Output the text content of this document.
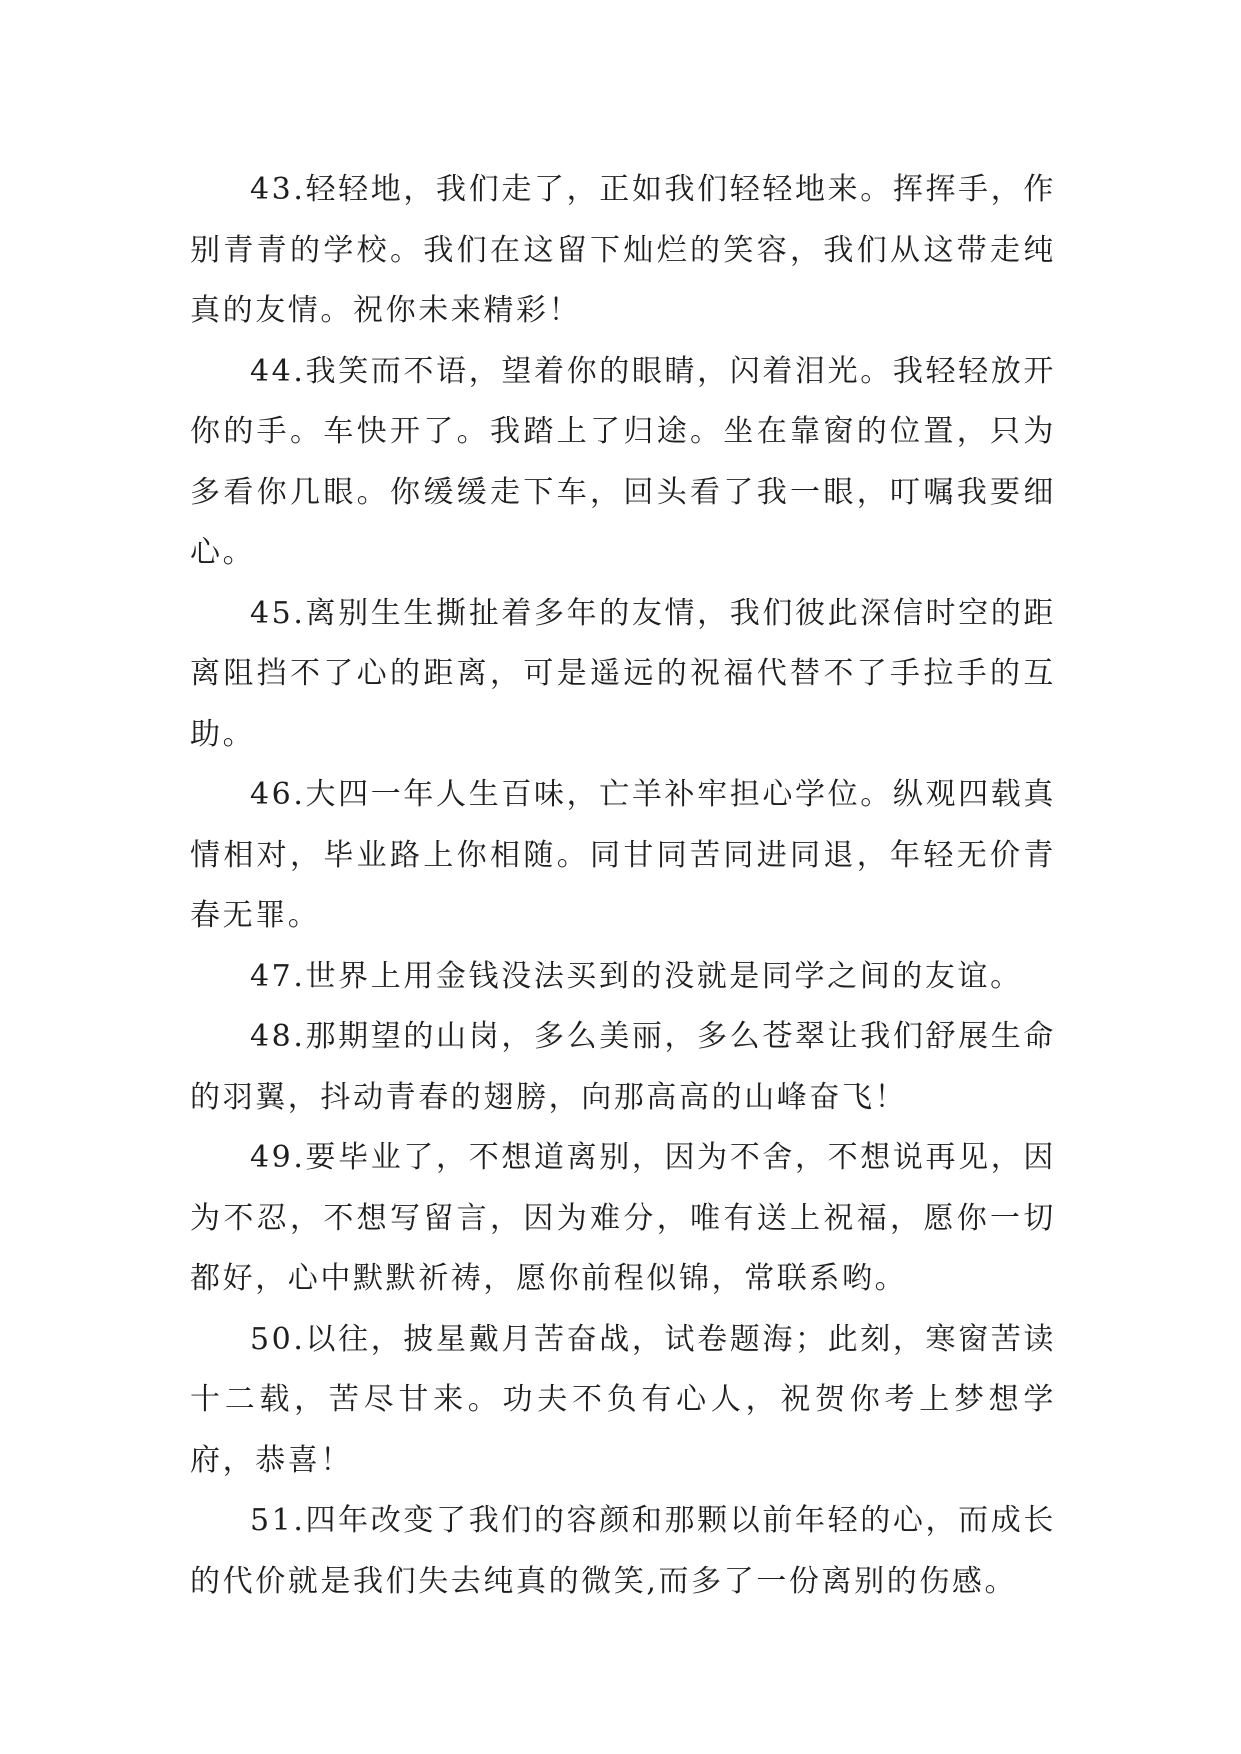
43.轻轻地，我们走了，正如我们轻轻地来。挥挥手，作别青青的学校。我们在这留下灿烂的笑容，我们从这带走纯真的友情。祝你未来精彩！

44.我笑而不语，望着你的眼睛，闪着泪光。我轻轻放开你的手。车快开了。我踏上了归途。坐在靠窗的位置，只为多看你几眼。你缓缓走下车，回头看了我一眼，叮嘱我要细心。

45.离别生生撕扯着多年的友情，我们彼此深信时空的距离阻挡不了心的距离，可是遥远的祝福代替不了手拉手的互助。

46.大四一年人生百味，亡羊补牢担心学位。纵观四载真情相对，毕业路上你相随。同甘同苦同进同退，年轻无价青春无罪。

47.世界上用金钱没法买到的没就是同学之间的友谊。

48.那期望的山岗，多么美丽，多么苍翠让我们舒展生命的羽翼，抖动青春的翅膀，向那高高的山峰奋飞！

49.要毕业了，不想道离别，因为不舍，不想说再见，因为不忍，不想写留言，因为难分，唯有送上祝福，愿你一切都好，心中默默祈祷，愿你前程似锦，常联系哟。

50.以往，披星戴月苦奋战，试卷题海；此刻，寒窗苦读十二载，苦尽甘来。功夫不负有心人，祝贺你考上梦想学府，恭喜！

51.四年改变了我们的容颜和那颗以前年轻的心，而成长的代价就是我们失去纯真的微笑,而多了一份离别的伤感。
